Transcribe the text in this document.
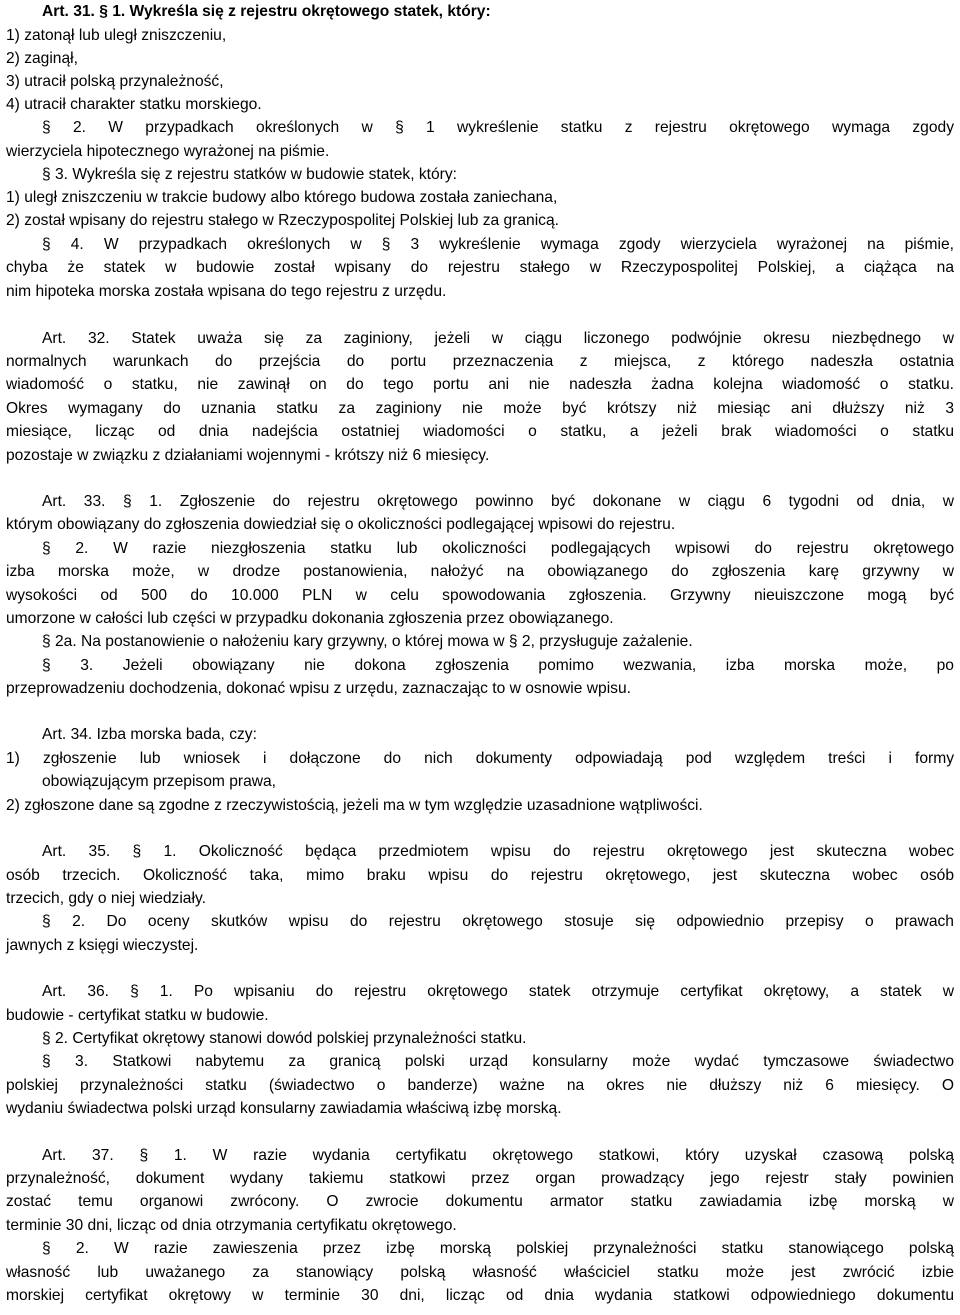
Art. 31. § 1. Wykreśla się z rejestru okrętowego statek, który:
1) zatonął lub uległ zniszczeniu,
2) zaginął,
3) utracił polską przynależność,
4) utracił charakter statku morskiego.
§ 2. W przypadkach określonych w § 1 wykreślenie statku z rejestru okrętowego wymaga zgody
wierzyciela hipotecznego wyrażonej na piśmie.
§ 3. Wykreśla się z rejestru statków w budowie statek, który:
1) uległ zniszczeniu w trakcie budowy albo którego budowa została zaniechana,
2) został wpisany do rejestru stałego w Rzeczypospolitej Polskiej lub za granicą.
§ 4. W przypadkach określonych w § 3 wykreślenie wymaga zgody wierzyciela wyrażonej na piśmie,
chyba że statek w budowie został wpisany do rejestru stałego w Rzeczypospolitej Polskiej, a ciążąca na
nim hipoteka morska została wpisana do tego rejestru z urzędu.
Art. 32. Statek uważa się za zaginiony, jeżeli w ciągu liczonego podwójnie okresu niezbędnego w
normalnych warunkach do przejścia do portu przeznaczenia z miejsca, z którego nadeszła ostatnia
wiadomość o statku, nie zawinął on do tego portu ani nie nadeszła żadna kolejna wiadomość o statku.
Okres wymagany do uznania statku za zaginiony nie może być krótszy niż miesiąc ani dłuższy niż 3
miesiące, licząc od dnia nadejścia ostatniej wiadomości o statku, a jeżeli brak wiadomości o statku
pozostaje w związku z działaniami wojennymi - krótszy niż 6 miesięcy.
Art. 33. § 1. Zgłoszenie do rejestru okrętowego powinno być dokonane w ciągu 6 tygodni od dnia, w
którym obowiązany do zgłoszenia dowiedział się o okoliczności podlegającej wpisowi do rejestru.
§ 2. W razie niezgłoszenia statku lub okoliczności podlegających wpisowi do rejestru okrętowego
izba morska może, w drodze postanowienia, nałożyć na obowiązanego do zgłoszenia karę grzywny w
wysokości od 500 do 10.000 PLN w celu spowodowania zgłoszenia. Grzywny nieuiszczone mogą być
umorzone w całości lub części w przypadku dokonania zgłoszenia przez obowiązanego.
§ 2a. Na postanowienie o nałożeniu kary grzywny, o której mowa w § 2, przysługuje zażalenie.
§ 3. Jeżeli obowiązany nie dokona zgłoszenia pomimo wezwania, izba morska może, po
przeprowadzeniu dochodzenia, dokonać wpisu z urzędu, zaznaczając to w osnowie wpisu.
Art. 34. Izba morska bada, czy:
1) zgłoszenie lub wniosek i dołączone do nich dokumenty odpowiadają pod względem treści i formy
obowiązującym przepisom prawa,
2) zgłoszone dane są zgodne z rzeczywistością, jeżeli ma w tym względzie uzasadnione wątpliwości.
Art. 35. § 1. Okoliczność będąca przedmiotem wpisu do rejestru okrętowego jest skuteczna wobec
osób trzecich. Okoliczność taka, mimo braku wpisu do rejestru okrętowego, jest skuteczna wobec osób
trzecich, gdy o niej wiedziały.
§ 2. Do oceny skutków wpisu do rejestru okrętowego stosuje się odpowiednio przepisy o prawach
jawnych z księgi wieczystej.
Art. 36. § 1. Po wpisaniu do rejestru okrętowego statek otrzymuje certyfikat okrętowy, a statek w
budowie - certyfikat statku w budowie.
§ 2. Certyfikat okrętowy stanowi dowód polskiej przynależności statku.
§ 3. Statkowi nabytemu za granicą polski urząd konsularny może wydać tymczasowe świadectwo
polskiej przynależności statku (świadectwo o banderze) ważne na okres nie dłuższy niż 6 miesięcy. O
wydaniu świadectwa polski urząd konsularny zawiadamia właściwą izbę morską.
Art. 37. § 1. W razie wydania certyfikatu okrętowego statkowi, który uzyskał czasową polską
przynależność, dokument wydany takiemu statkowi przez organ prowadzący jego rejestr stały powinien
zostać temu organowi zwrócony. O zwrocie dokumentu armator statku zawiadamia izbę morską w
terminie 30 dni, licząc od dnia otrzymania certyfikatu okrętowego.
§ 2. W razie zawieszenia przez izbę morską polskiej przynależności statku stanowiącego polską
własność lub uważanego za stanowiący polską własność właściciel statku może jest zwrócić izbie
morskiej certyfikat okrętowy w terminie 30 dni, licząc od dnia wydania statkowi odpowiedniego dokumentu
